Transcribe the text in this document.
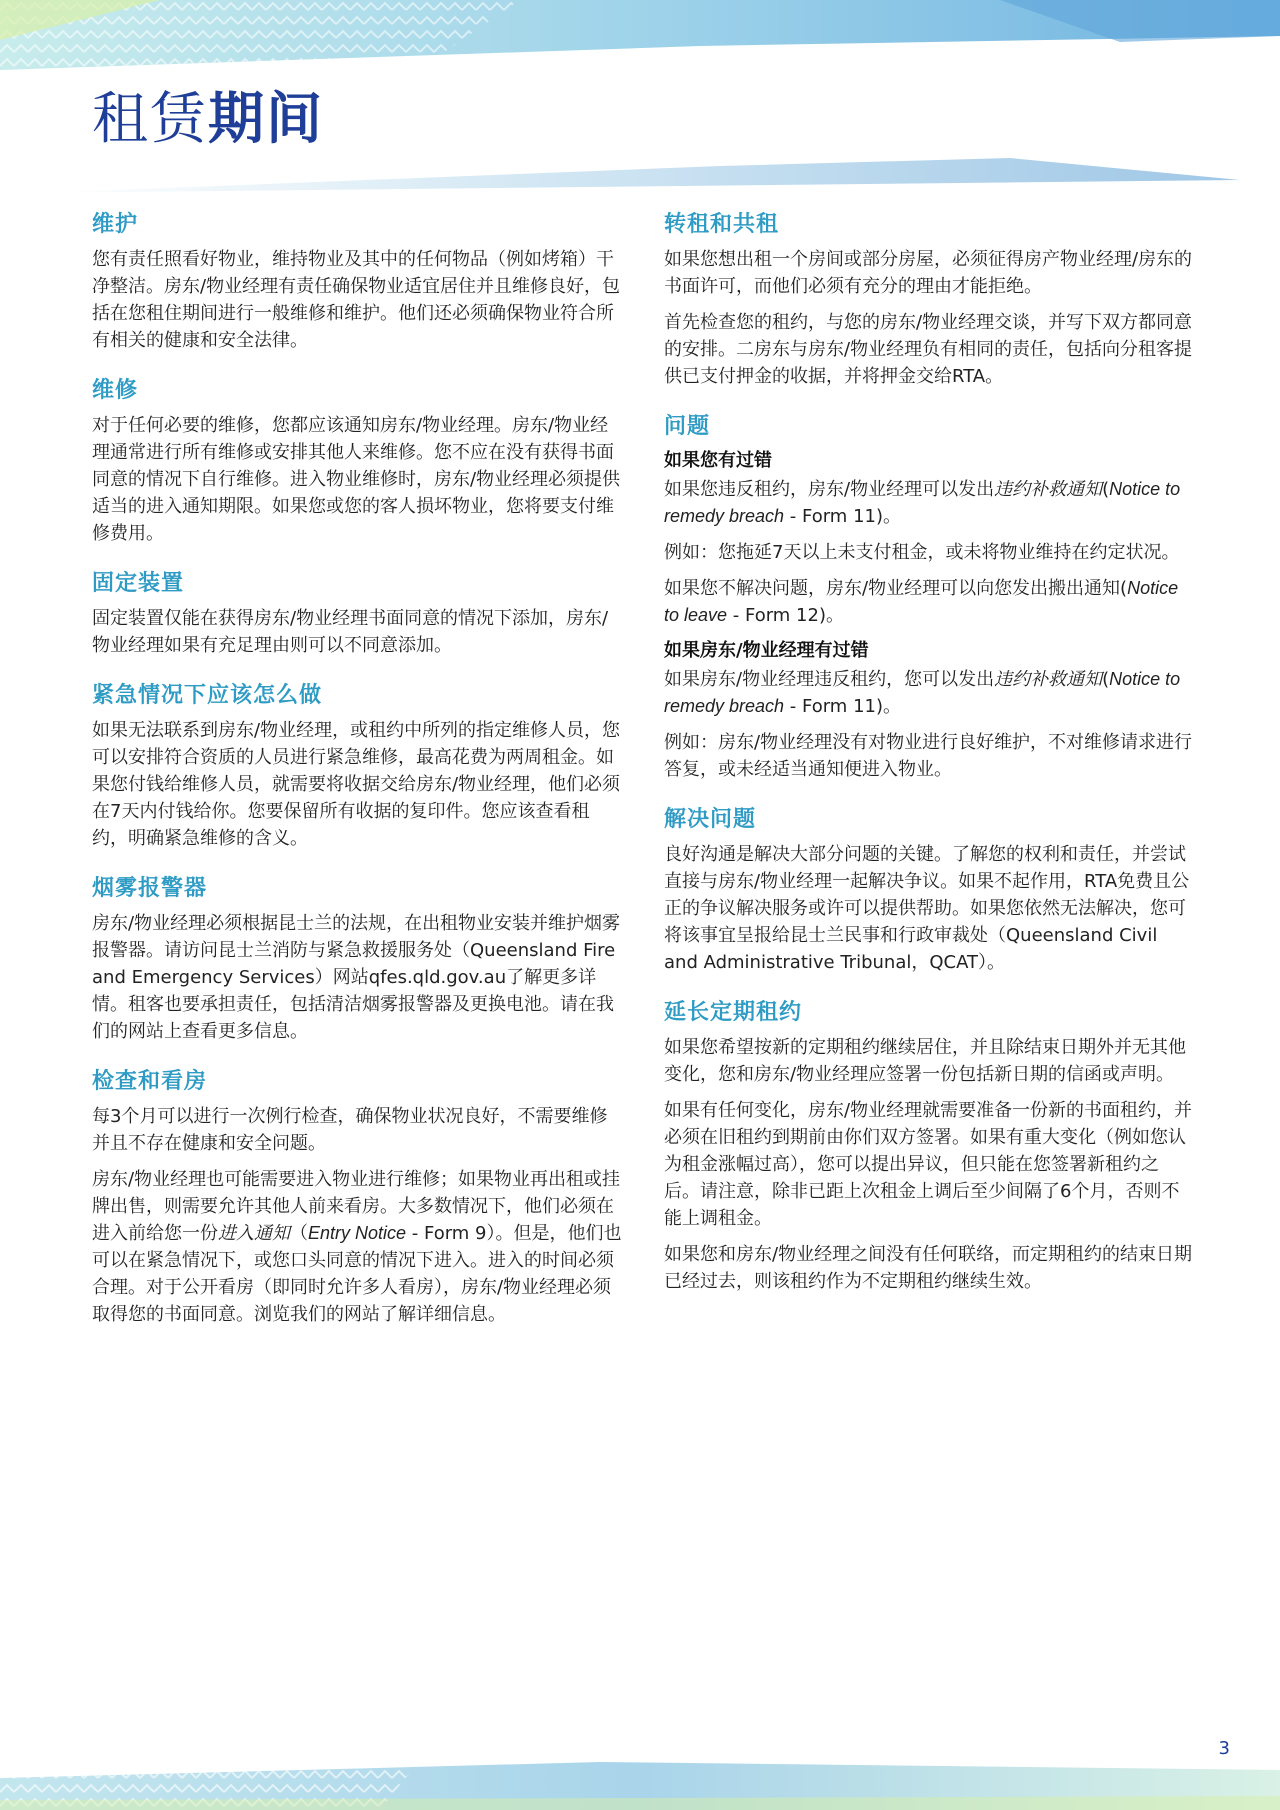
租赁期间
维护

您有责任照看好物业，维持物业及其中的任何物品（例如烤箱）干净整洁。房东/物业经理有责任确保物业适宜居住并且维修良好，包括在您租住期间进行一般维修和维护。他们还必须确保物业符合所有相关的健康和安全法律。

维修

对于任何必要的维修，您都应该通知房东/物业经理。房东/物业经理通常进行所有维修或安排其他人来维修。您不应在没有获得书面同意的情况下自行维修。进入物业维修时，房东/物业经理必须提供适当的进入通知期限。如果您或您的客人损坏物业，您将要支付维修费用。

固定装置

固定装置仅能在获得房东/物业经理书面同意的情况下添加，房东/物业经理如果有充足理由则可以不同意添加。

紧急情况下应该怎么做

如果无法联系到房东/物业经理，或租约中所列的指定维修人员，您可以安排符合资质的人员进行紧急维修，最高花费为两周租金。如果您付钱给维修人员，就需要将收据交给房东/物业经理，他们必须在7天内付钱给你。您要保留所有收据的复印件。您应该查看租约，明确紧急维修的含义。

烟雾报警器

房东/物业经理必须根据昆士兰的法规，在出租物业安装并维护烟雾报警器。请访问昆士兰消防与紧急救援服务处（Queensland Fire and Emergency Services）网站qfes.qld.gov.au了解更多详情。租客也要承担责任，包括清洁烟雾报警器及更换电池。请在我们的网站上查看更多信息。

检查和看房

每3个月可以进行一次例行检查，确保物业状况良好，不需要维修并且不存在健康和安全问题。

房东/物业经理也可能需要进入物业进行维修；如果物业再出租或挂牌出售，则需要允许其他人前来看房。大多数情况下，他们必须在进入前给您一份进入通知（Entry Notice - Form 9）。但是，他们也可以在紧急情况下，或您口头同意的情况下进入。进入的时间必须合理。对于公开看房（即同时允许多人看房），房东/物业经理必须取得您的书面同意。浏览我们的网站了解详细信息。

转租和共租

如果您想出租一个房间或部分房屋，必须征得房产物业经理/房东的书面许可，而他们必须有充分的理由才能拒绝。

首先检查您的租约，与您的房东/物业经理交谈，并写下双方都同意的安排。二房东与房东/物业经理负有相同的责任，包括向分租客提供已支付押金的收据，并将押金交给RTA。

问题
如果您有过错

如果您违反租约，房东/物业经理可以发出违约补救通知(Notice to remedy breach - Form 11)。

例如：您拖延7天以上未支付租金，或未将物业维持在约定状况。

如果您不解决问题，房东/物业经理可以向您发出搬出通知(Notice to leave - Form 12)。

如果房东/物业经理有过错

如果房东/物业经理违反租约，您可以发出违约补救通知(Notice to remedy breach - Form 11)。

例如：房东/物业经理没有对物业进行良好维护，不对维修请求进行答复，或未经适当通知便进入物业。

解决问题

良好沟通是解决大部分问题的关键。了解您的权利和责任，并尝试直接与房东/物业经理一起解决争议。如果不起作用，RTA免费且公正的争议解决服务或许可以提供帮助。如果您依然无法解决，您可将该事宜呈报给昆士兰民事和行政审裁处（Queensland Civil and Administrative Tribunal，QCAT）。

延长定期租约

如果您希望按新的定期租约继续居住，并且除结束日期外并无其他变化，您和房东/物业经理应签署一份包括新日期的信函或声明。

如果有任何变化，房东/物业经理就需要准备一份新的书面租约，并必须在旧租约到期前由你们双方签署。如果有重大变化（例如您认为租金涨幅过高），您可以提出异议，但只能在您签署新租约之后。请注意，除非已距上次租金上调后至少间隔了6个月，否则不能上调租金。

如果您和房东/物业经理之间没有任何联络，而定期租约的结束日期已经过去，则该租约作为不定期租约继续生效。

3
